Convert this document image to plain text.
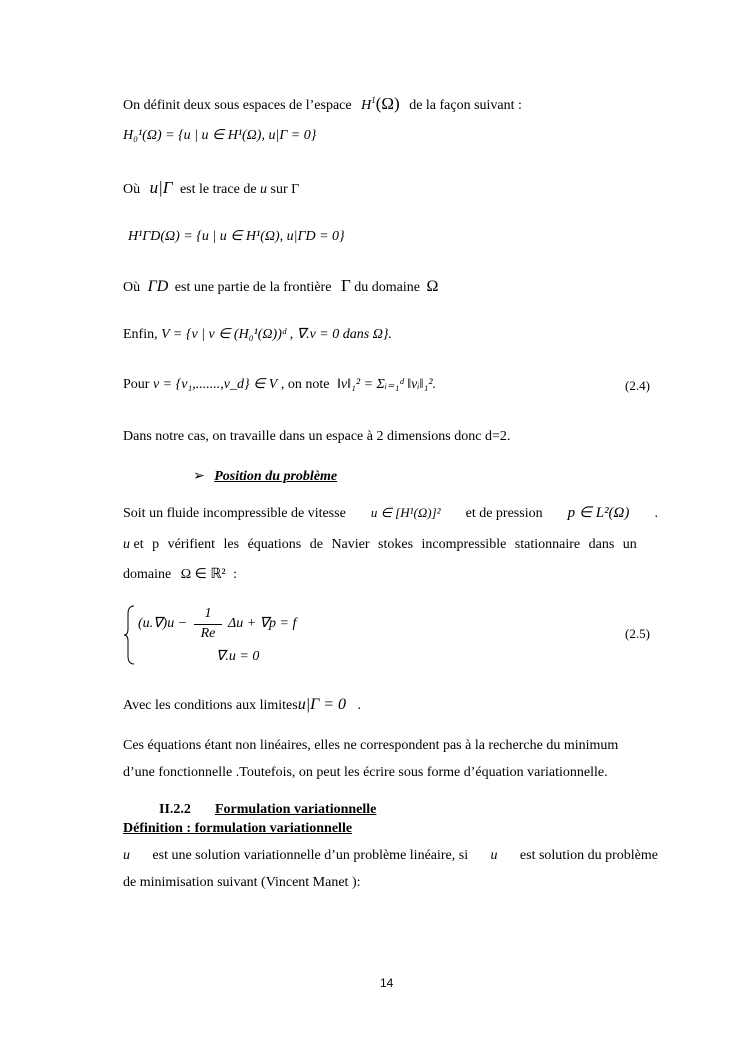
On définit deux sous espaces de l’espace $H^1(\Omega)$ de la façon suivant :
H₀¹(Ω) = {u | u ∈ H¹(Ω), u|Γ = 0}
Où u|Γ est le trace de u sur Γ
H¹ΓD(Ω) = {u | u ∈ H¹(Ω), u|ΓD = 0}
Où ΓD est une partie de la frontière Γ du domaine Ω
Enfin, V = {v | v ∈ (H₀¹(Ω))ᵈ , ∇.v = 0 dans Ω}.
Pour v = {v₁,.......,v_d} ∈ V , on note ‖v‖₁² = Σᵢ₌₁ᵈ ‖vᵢ‖₁².	(2.4)
Dans notre cas, on travaille dans un espace à 2 dimensions donc d=2.
➢ Position du problème
Soit un fluide incompressible de vitesse u ∈ [H¹(Ω)]² et de pression p ∈ L²(Ω) .
u et p vérifient les équations de Navier stokes incompressible stationnaire dans un
domaine Ω ∈ ℝ² :
(u.∇)u −
1
Re
Δu + ∇p = f
∇.u = 0
(2.5)
Avec les conditions aux limitesu|Γ = 0 .
Ces équations étant non linéaires, elles ne correspondent pas à la recherche du minimum
d’une fonctionnelle .Toutefois, on peut les écrire sous forme d’équation variationnelle.
II.2.2 Formulation variationnelle
Définition : formulation variationnelle
u est une solution variationnelle d’un problème linéaire, si u est solution du problème
de minimisation suivant (Vincent Manet ):
14
